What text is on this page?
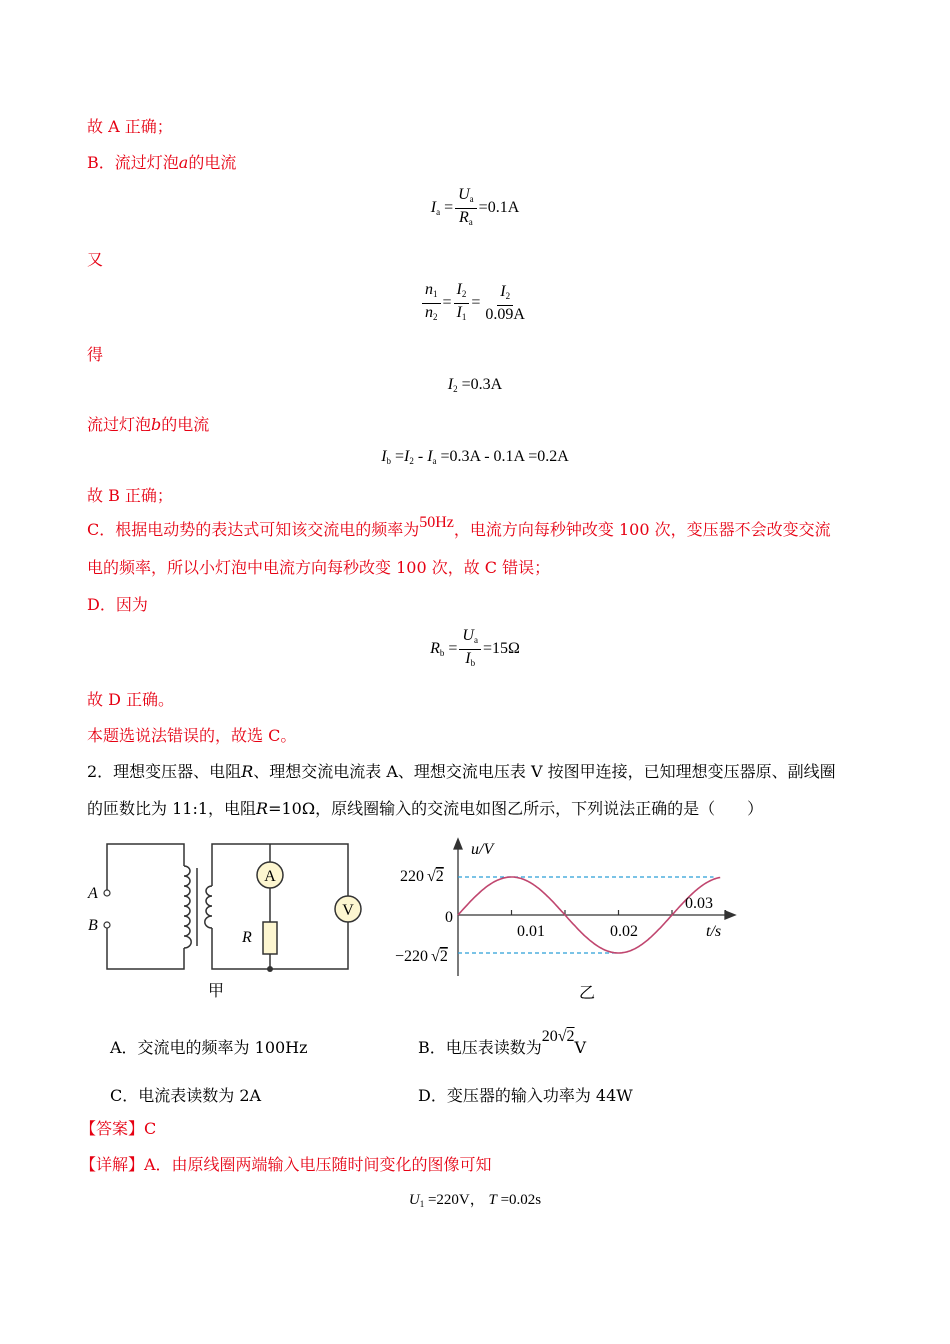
故 A 正确；
B．流过灯泡a的电流
$I_a = \frac{U_a}{R_a} =0.1A$
又
$\frac{n_1}{n_2} = \frac{I_2}{I_1} = \frac{I_2}{0.09A}$
得
$I_2 =0.3A$
流过灯泡b的电流
$I_b =I_2 - I_a =0.3A - 0.1A =0.2A$
故 B 正确；
C．根据电动势的表达式可知该交流电的频率为50Hz，电流方向每秒钟改变 100 次，变压器不会改变交流
电的频率，所以小灯泡中电流方向每秒改变 100 次，故 C 错误；
D．因为
$R_b = \frac{U_a}{I_b} =15\Omega$
故 D 正确。
本题选说法错误的，故选 C。
2．理想变压器、电阻R、理想交流电流表 A、理想交流电压表 V 按图甲连接，已知理想变压器原、副线圈
的匝数比为 11:1，电阻R=10Ω，原线圈输入的交流电如图乙所示，下列说法正确的是（　　）
A
V
A
B
R
甲
u/V
t/s
0
220 √2
−220 √2
0.01	0.02
0.03
乙
A．交流电的频率为 100Hz	B．电压表读数为20√2V
C．电流表读数为 2A	D．变压器的输入功率为 44W
【答案】C
【详解】A．由原线圈两端输入电压随时间变化的图像可知
$U_1 =220V$， T =0.02s
